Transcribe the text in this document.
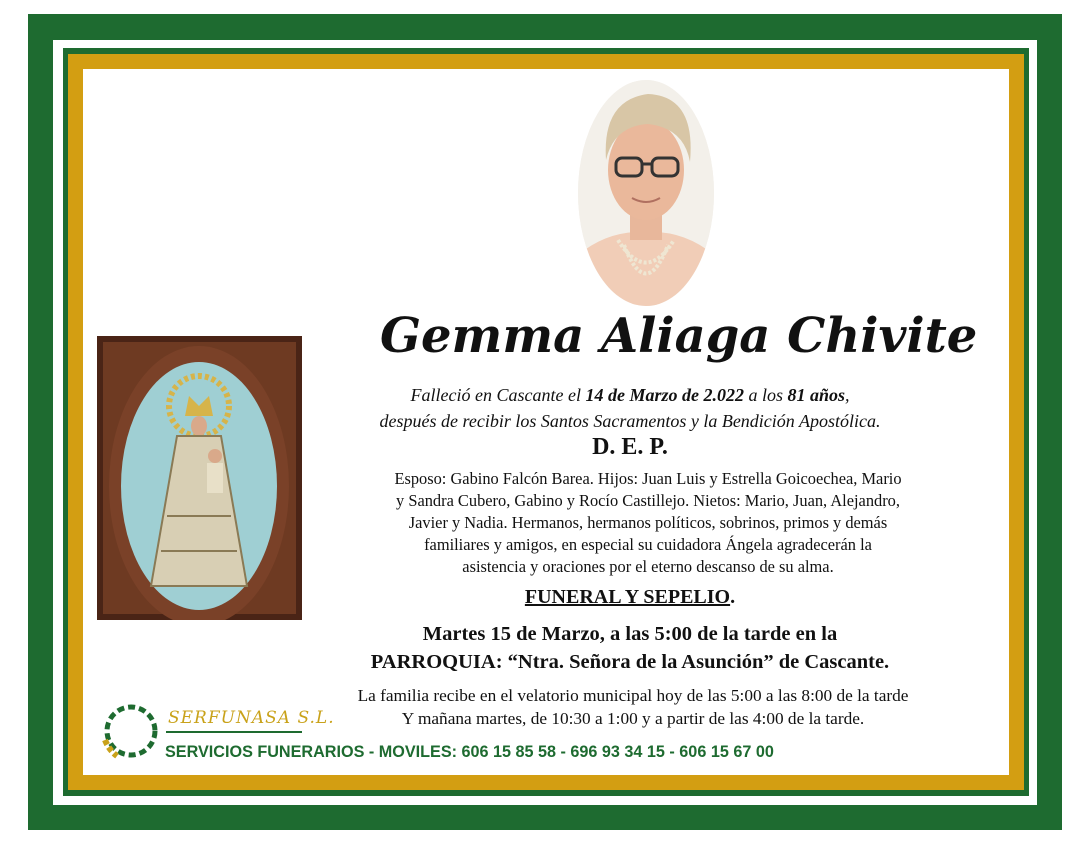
Gemma Aliaga Chivite
Falleció en Cascante el 14 de Marzo de 2.022 a los 81 años,
después de recibir los Santos Sacramentos y la Bendición Apostólica.
D. E. P.
Esposo: Gabino Falcón Barea. Hijos: Juan Luis y Estrella Goicoechea, Mario
y Sandra Cubero, Gabino y Rocío Castillejo. Nietos: Mario, Juan, Alejandro,
Javier y Nadia. Hermanos, hermanos políticos, sobrinos, primos y demás
familiares y amigos, en especial su cuidadora Ángela agradecerán la
asistencia y oraciones por el eterno descanso de su alma.
FUNERAL Y SEPELIO.
Martes 15 de Marzo, a las 5:00 de la tarde en la
PARROQUIA: “Ntra. Señora de la Asunción” de Cascante.
La familia recibe en el velatorio municipal hoy de las 5:00 a las 8:00 de la tarde
Y mañana martes, de 10:30 a 1:00 y a partir de las 4:00 de la tarde.
SERFUNASA S.L.
SERVICIOS FUNERARIOS - MOVILES: 606 15 85 58 - 696 93 34 15 - 606 15 67 00
